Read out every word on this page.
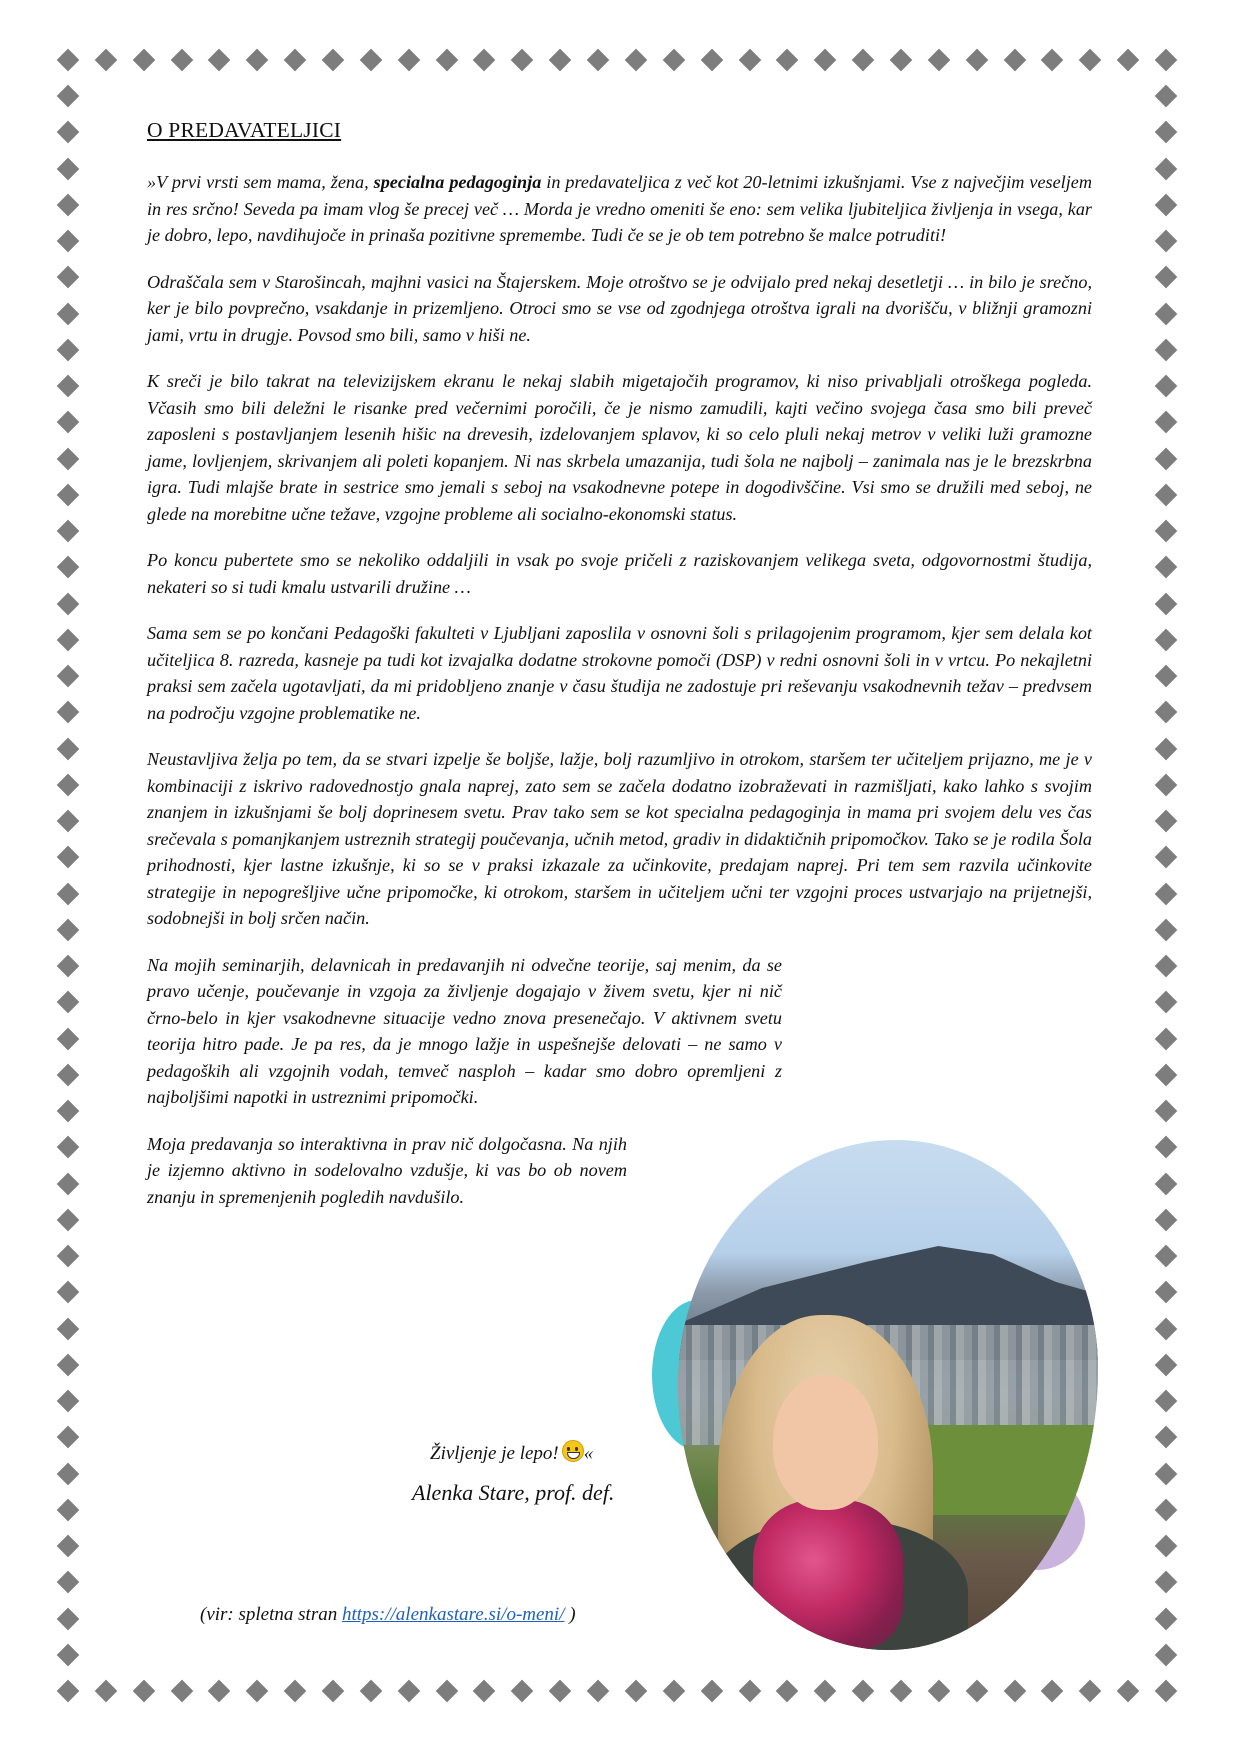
O PREDAVATELJICI

»V prvi vrsti sem mama, žena, specialna pedagoginja in predavateljica z več kot 20-letnimi izkušnjami. Vse z največjim veseljem in res srčno! Seveda pa imam vlog še precej več … Morda je vredno omeniti še eno: sem velika ljubiteljica življenja in vsega, kar je dobro, lepo, navdihujoče in prinaša pozitivne spremembe. Tudi če se je ob tem potrebno še malce potruditi!

Odraščala sem v Starošincah, majhni vasici na Štajerskem. Moje otroštvo se je odvijalo pred nekaj desetletji … in bilo je srečno, ker je bilo povprečno, vsakdanje in prizemljeno. Otroci smo se vse od zgodnjega otroštva igrali na dvorišču, v bližnji gramozni jami, vrtu in drugje. Povsod smo bili, samo v hiši ne.

K sreči je bilo takrat na televizijskem ekranu le nekaj slabih migetajočih programov, ki niso privabljali otroškega pogleda. Včasih smo bili deležni le risanke pred večernimi poročili, če je nismo zamudili, kajti večino svojega časa smo bili preveč zaposleni s postavljanjem lesenih hišic na drevesih, izdelovanjem splavov, ki so celo pluli nekaj metrov v veliki luži gramozne jame, lovljenjem, skrivanjem ali poleti kopanjem. Ni nas skrbela umazanija, tudi šola ne najbolj – zanimala nas je le brezskrbna igra. Tudi mlajše brate in sestrice smo jemali s seboj na vsakodnevne potepe in dogodivščine. Vsi smo se družili med seboj, ne glede na morebitne učne težave, vzgojne probleme ali socialno-ekonomski status.

Po koncu pubertete smo se nekoliko oddaljili in vsak po svoje pričeli z raziskovanjem velikega sveta, odgovornostmi študija, nekateri so si tudi kmalu ustvarili družine …

Sama sem se po končani Pedagoški fakulteti v Ljubljani zaposlila v osnovni šoli s prilagojenim programom, kjer sem delala kot učiteljica 8. razreda, kasneje pa tudi kot izvajalka dodatne strokovne pomoči (DSP) v redni osnovni šoli in v vrtcu. Po nekajletni praksi sem začela ugotavljati, da mi pridobljeno znanje v času študija ne zadostuje pri reševanju vsakodnevnih težav – predvsem na področju vzgojne problematike ne.

Neustavljiva želja po tem, da se stvari izpelje še boljše, lažje, bolj razumljivo in otrokom, staršem ter učiteljem prijazno, me je v kombinaciji z iskrivo radovednostjo gnala naprej, zato sem se začela dodatno izobraževati in razmišljati, kako lahko s svojim znanjem in izkušnjami še bolj doprinesem svetu. Prav tako sem se kot specialna pedagoginja in mama pri svojem delu ves čas srečevala s pomanjkanjem ustreznih strategij poučevanja, učnih metod, gradiv in didaktičnih pripomočkov. Tako se je rodila Šola prihodnosti, kjer lastne izkušnje, ki so se v praksi izkazale za učinkovite, predajam naprej. Pri tem sem razvila učinkovite strategije in nepogrešljive učne pripomočke, ki otrokom, staršem in učiteljem učni ter vzgojni proces ustvarjajo na prijetnejši, sodobnejši in bolj srčen način.

Na mojih seminarjih, delavnicah in predavanjih ni odvečne teorije, saj menim, da se pravo učenje, poučevanje in vzgoja za življenje dogajajo v živem svetu, kjer ni nič črno-belo in kjer vsakodnevne situacije vedno znova presenečajo. V aktivnem svetu teorija hitro pade. Je pa res, da je mnogo lažje in uspešnejše delovati – ne samo v pedagoških ali vzgojnih vodah, temveč nasploh – kadar smo dobro opremljeni z najboljšimi napotki in ustreznimi pripomočki.

Moja predavanja so interaktivna in prav nič dolgočasna. Na njih je izjemno aktivno in sodelovalno vzdušje, ki vas bo ob novem znanju in spremenjenih pogledih navdušilo.

Življenje je lepo! «
Alenka Stare, prof. def.
(vir: spletna stran https://alenkastare.si/o-meni/ )
